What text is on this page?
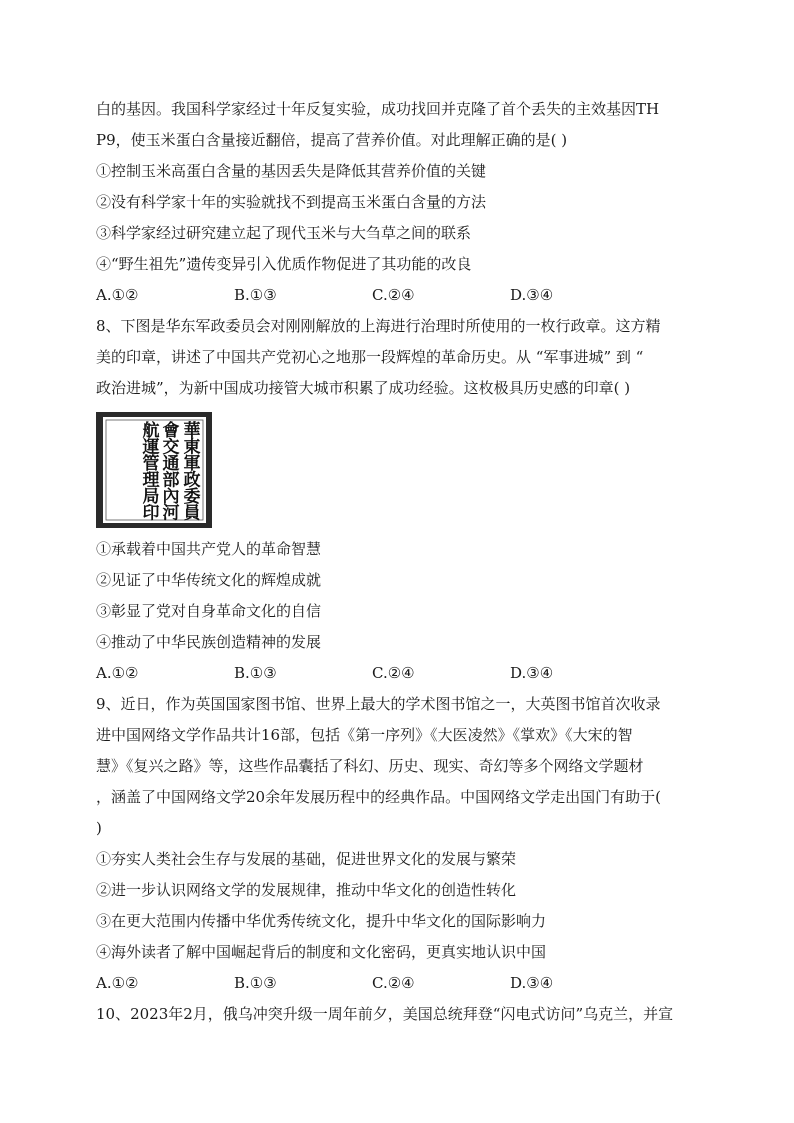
白的基因。我国科学家经过十年反复实验，成功找回并克隆了首个丢失的主效基因TH
P9，使玉米蛋白含量接近翻倍，提高了营养价值。对此理解正确的是( )
①控制玉米高蛋白含量的基因丢失是降低其营养价值的关键
②没有科学家十年的实验就找不到提高玉米蛋白含量的方法
③科学家经过研究建立起了现代玉米与大刍草之间的联系
④“野生祖先”遗传变异引入优质作物促进了其功能的改良
A.①②	B.①③	C.②④	D.③④
8、下图是华东军政委员会对刚刚解放的上海进行治理时所使用的一枚行政章。这方精
美的印章，讲述了中国共产党初心之地那一段辉煌的革命历史。从 “军事进城” 到 “
政治进城”，为新中国成功接管大城市积累了成功经验。这枚极具历史感的印章( )
華
東
軍
政
委
員
會
交
通
部
內
河
航
運
管
理
局
印
①承载着中国共产党人的革命智慧
②见证了中华传统文化的辉煌成就
③彰显了党对自身革命文化的自信
④推动了中华民族创造精神的发展
A.①②	B.①③	C.②④	D.③④
9、近日，作为英国国家图书馆、世界上最大的学术图书馆之一，大英图书馆首次收录
进中国网络文学作品共计16部，包括《第一序列》《大医凌然》《掌欢》《大宋的智
慧》《复兴之路》等，这些作品囊括了科幻、历史、现实、奇幻等多个网络文学题材
，涵盖了中国网络文学20余年发展历程中的经典作品。中国网络文学走出国门有助于(
)
①夯实人类社会生存与发展的基础，促进世界文化的发展与繁荣
②进一步认识网络文学的发展规律，推动中华文化的创造性转化
③在更大范围内传播中华优秀传统文化，提升中华文化的国际影响力
④海外读者了解中国崛起背后的制度和文化密码，更真实地认识中国
A.①②	B.①③	C.②④	D.③④
10、2023年2月，俄乌冲突升级一周年前夕，美国总统拜登“闪电式访问”乌克兰，并宣
